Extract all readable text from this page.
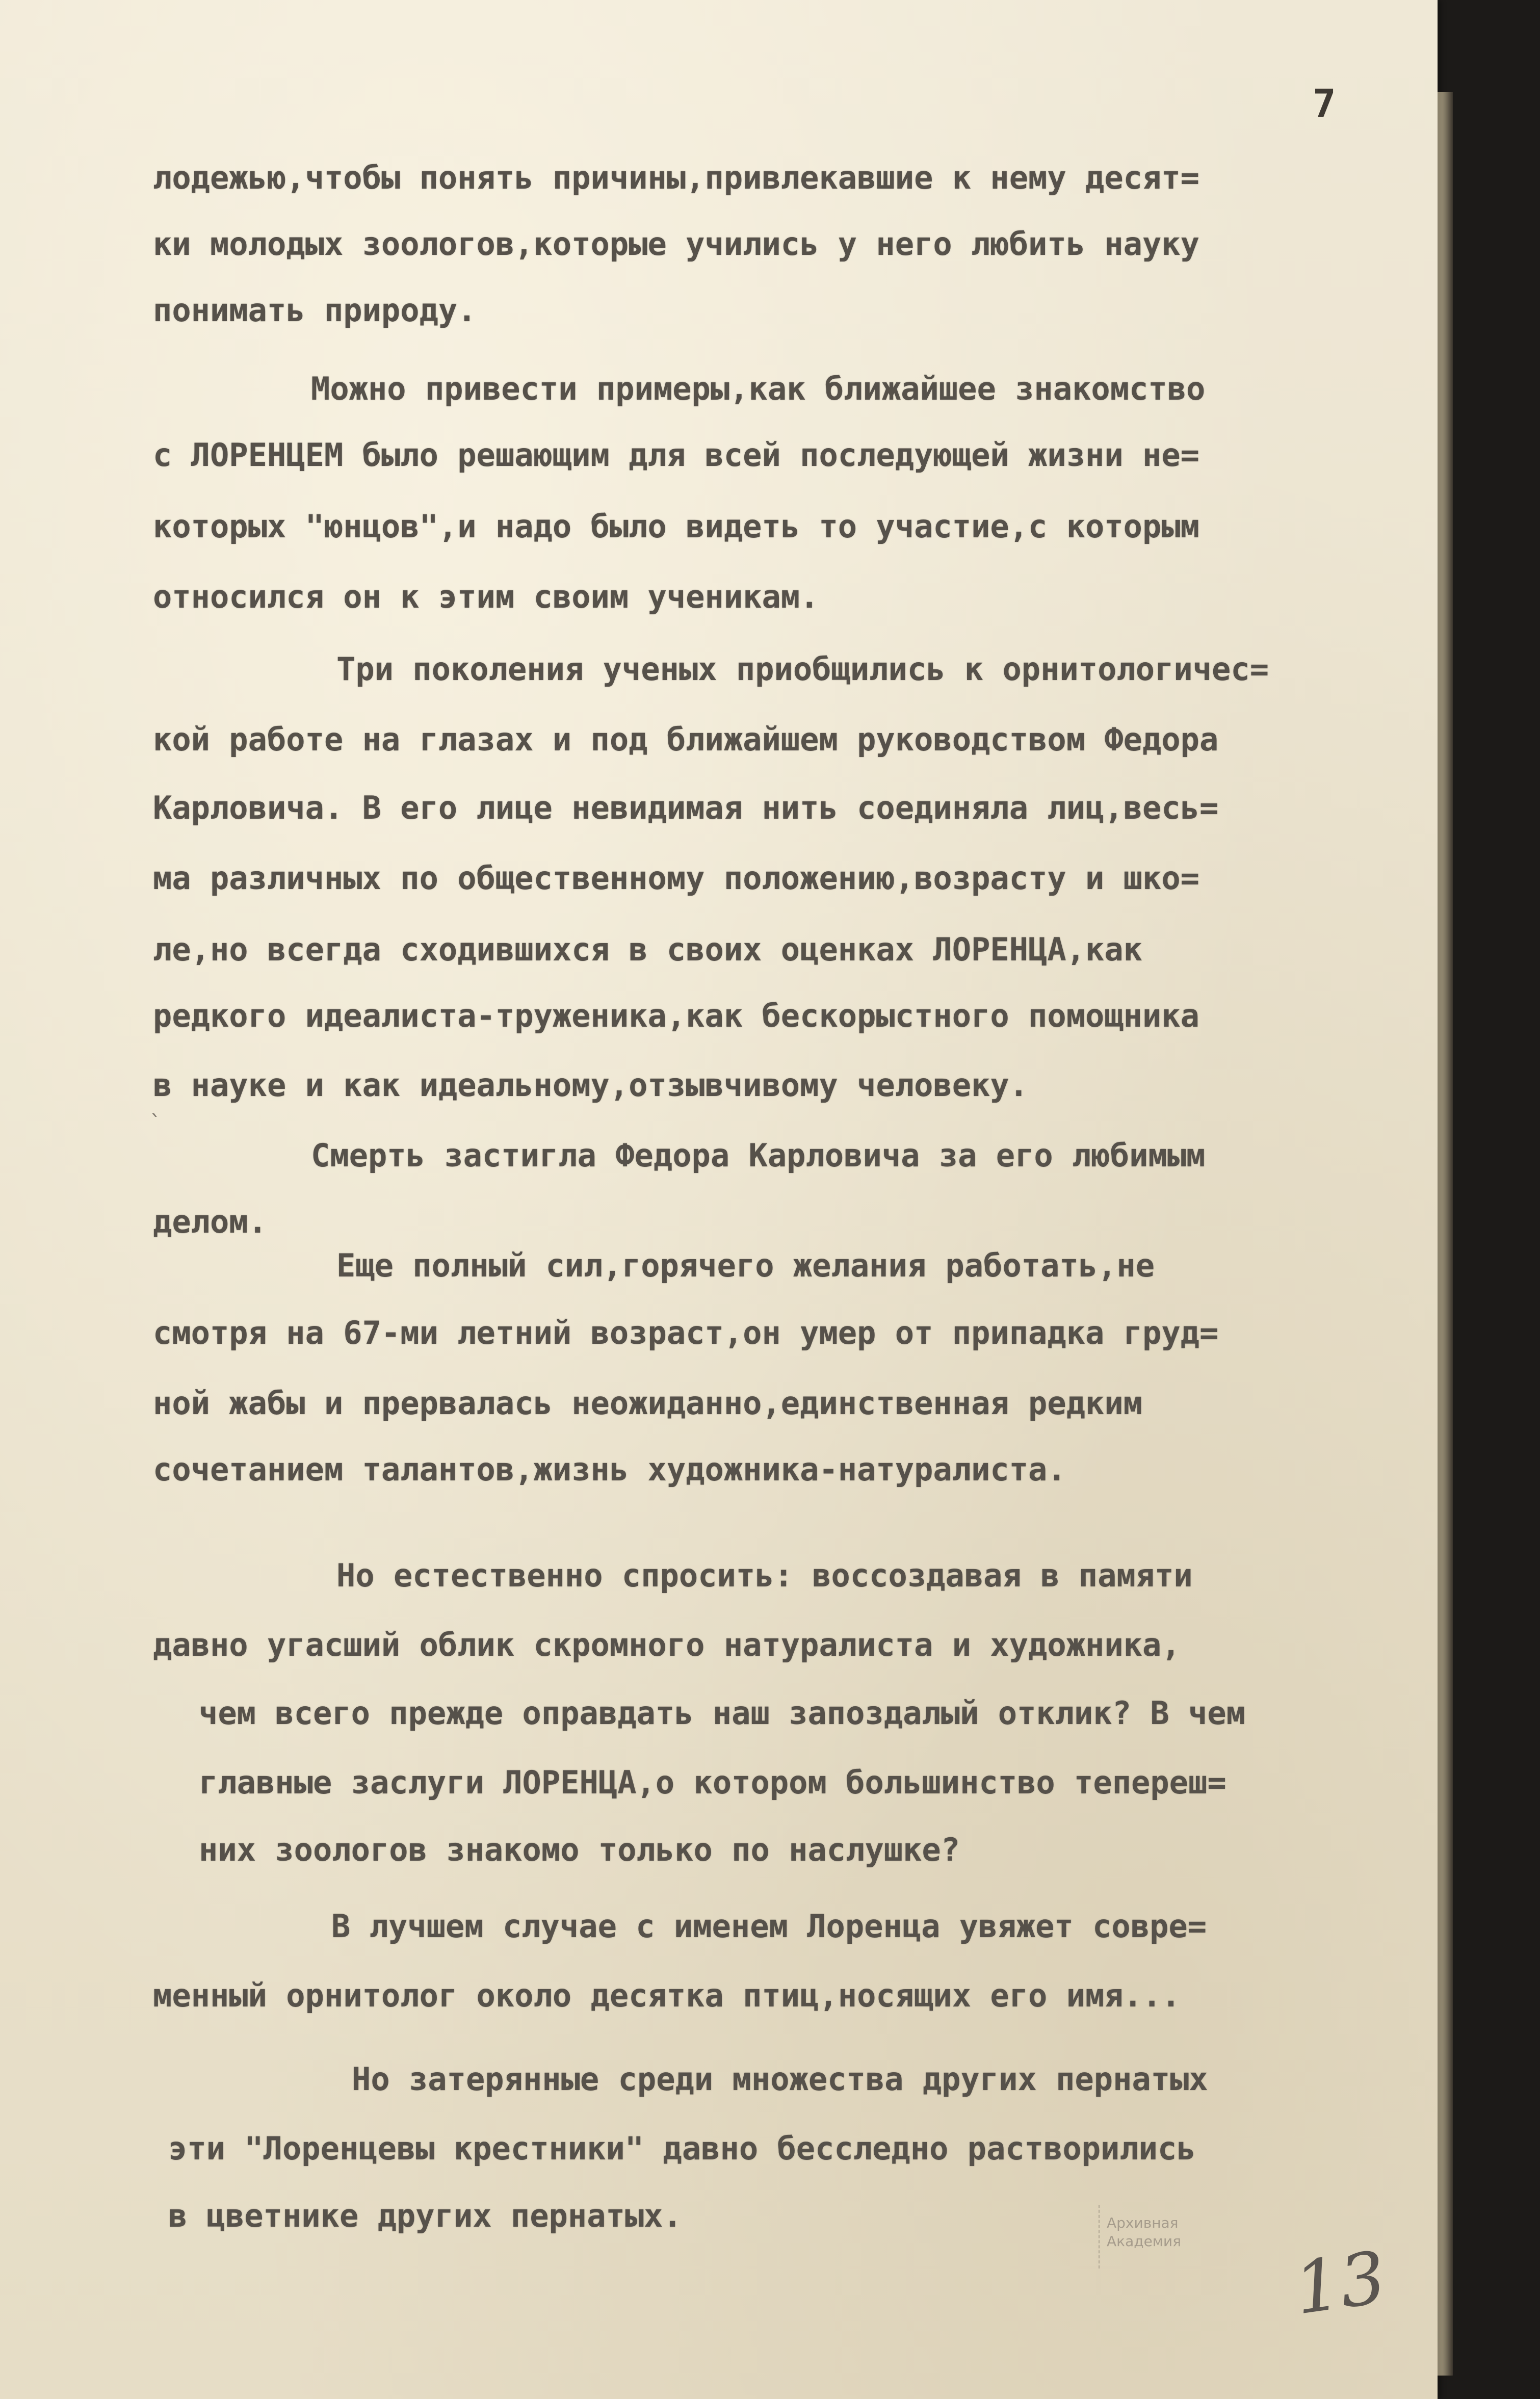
7
лодежью,чтобы понять причины,привлекавшие к нему десят=
ки молодых зоологов,которые учились у него любить науку
понимать природу.
Можно привести примеры,как ближайшее знакомство
с ЛОРЕНЦЕМ было решающим для всей последующей жизни не=
которых "юнцов",и надо было видеть то участие,с которым
относился он к этим своим ученикам.
Три поколения ученых приобщились к орнитологичес=
кой работе на глазах и под ближайшем руководством Федора
Карловича. В его лице невидимая нить соединяла лиц,весь=
ма различных по общественному положению,возрасту и шко=
ле,но всегда сходившихся в своих оценках ЛОРЕНЦА,как
редкого идеалиста-труженика,как бескорыстного помощника
в науке и как идеальному,отзывчивому человеку.
ˋ
Смерть застигла Федора Карловича за его любимым
делом.
Еще полный сил,горячего желания работать,не
смотря на 67-ми летний возраст,он умер от припадка груд=
ной жабы и прервалась неожиданно,единственная редким
сочетанием талантов,жизнь художника-натуралиста.
Но естественно спросить: воссоздавая в памяти
давно угасший облик скромного натуралиста и художника,
чем всего прежде оправдать наш запоздалый отклик? В чем
главные заслуги ЛОРЕНЦА,о котором большинство тепереш=
них зоологов знакомо только по наслушке?
В лучшем случае с именем Лоренца увяжет совре=
менный орнитолог около десятка птиц,носящих его имя...
Но затерянные среди множества других пернатых
эти "Лоренцевы крестники" давно бесследно растворились
в цветнике других пернатых.	Архивная
Академия	13
